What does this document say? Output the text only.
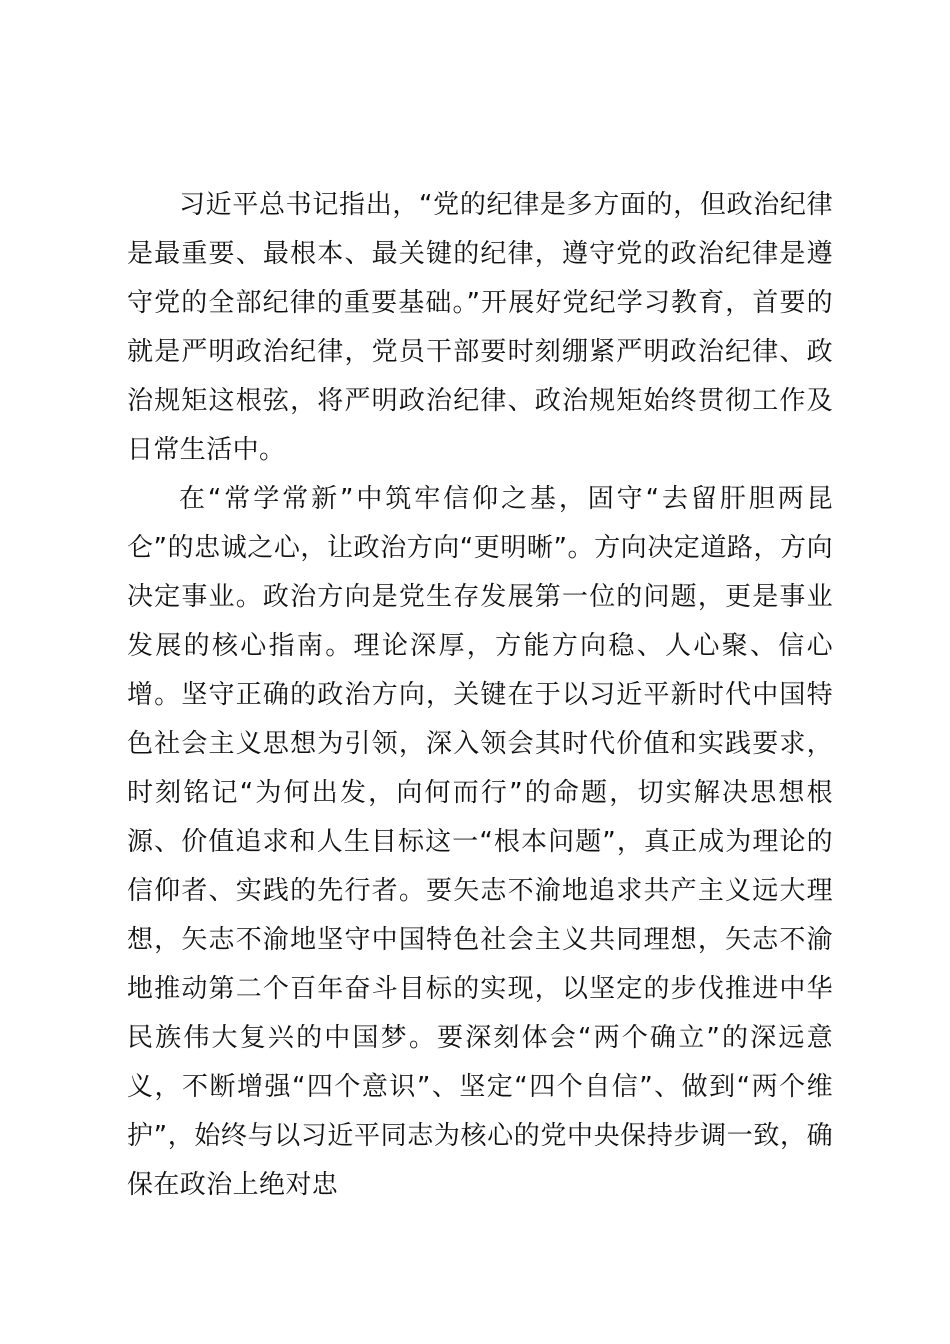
习近平总书记指出，“党的纪律是多方面的，但政治纪律是最重要、最根本、最关键的纪律，遵守党的政治纪律是遵守党的全部纪律的重要基础。”开展好党纪学习教育，首要的就是严明政治纪律，党员干部要时刻绷紧严明政治纪律、政治规矩这根弦，将严明政治纪律、政治规矩始终贯彻工作及日常生活中。

在“常学常新”中筑牢信仰之基，固守“去留肝胆两昆仑”的忠诚之心，让政治方向“更明晰”。方向决定道路，方向决定事业。政治方向是党生存发展第一位的问题，更是事业发展的核心指南。理论深厚，方能方向稳、人心聚、信心增。坚守正确的政治方向，关键在于以习近平新时代中国特色社会主义思想为引领，深入领会其时代价值和实践要求，时刻铭记“为何出发，向何而行”的命题，切实解决思想根源、价值追求和人生目标这一“根本问题”，真正成为理论的信仰者、实践的先行者。要矢志不渝地追求共产主义远大理想，矢志不渝地坚守中国特色社会主义共同理想，矢志不渝地推动第二个百年奋斗目标的实现，以坚定的步伐推进中华民族伟大复兴的中国梦。要深刻体会“两个确立”的深远意义，不断增强“四个意识”、坚定“四个自信”、做到“两个维护”，始终与以习近平同志为核心的党中央保持步调一致，确保在政治上绝对忠
